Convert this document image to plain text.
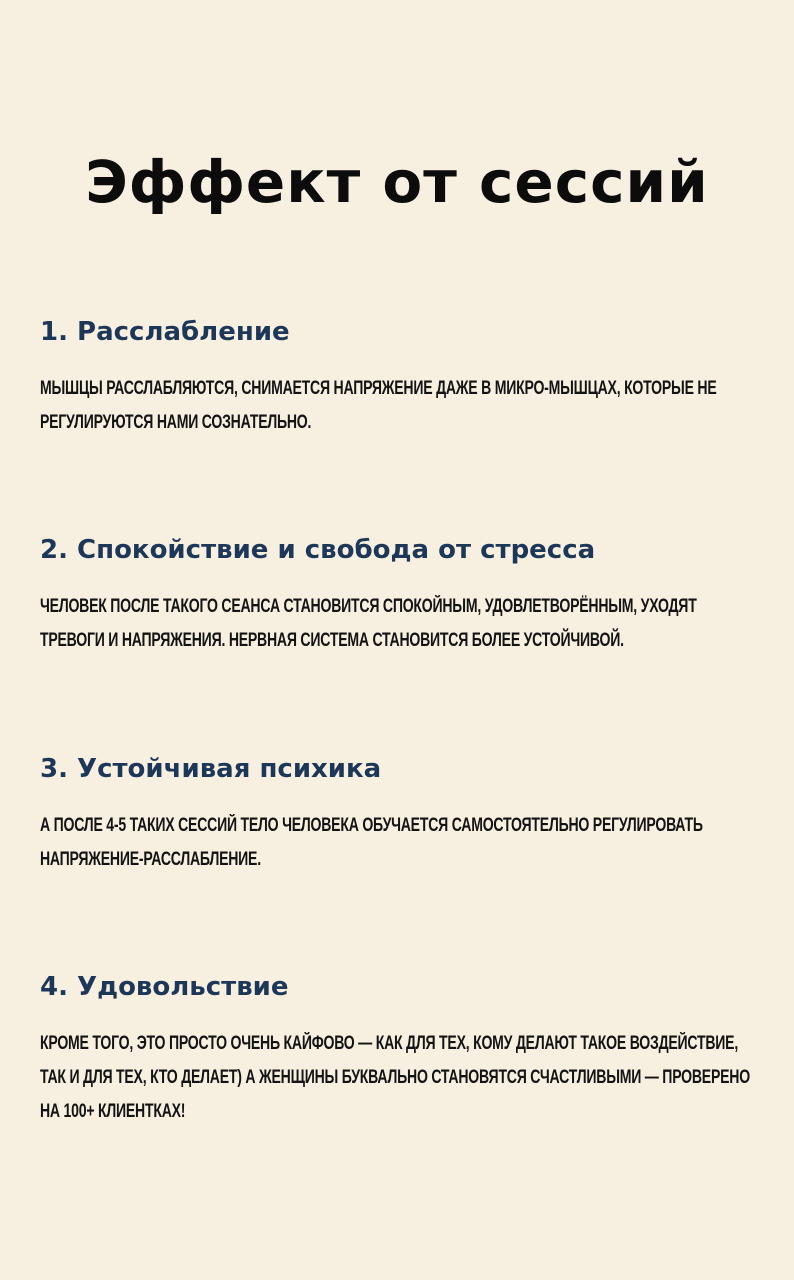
Эффект от сессий
1. Расслабление
МЫШЦЫ РАССЛАБЛЯЮТСЯ, СНИМАЕТСЯ НАПРЯЖЕНИЕ ДАЖЕ В МИКРО-МЫШЦАХ, КОТОРЫЕ НЕ РЕГУЛИРУЮТСЯ НАМИ СОЗНАТЕЛЬНО.
2. Спокойствие и свобода от стресса
ЧЕЛОВЕК ПОСЛЕ ТАКОГО СЕАНСА СТАНОВИТСЯ СПОКОЙНЫМ, УДОВЛЕТВОРЁННЫМ, УХОДЯТ ТРЕВОГИ И НАПРЯЖЕНИЯ. НЕРВНАЯ СИСТЕМА СТАНОВИТСЯ БОЛЕЕ УСТОЙЧИВОЙ.
3. Устойчивая психика
А ПОСЛЕ 4-5 ТАКИХ СЕССИЙ ТЕЛО ЧЕЛОВЕКА ОБУЧАЕТСЯ САМОСТОЯТЕЛЬНО РЕГУЛИРОВАТЬ НАПРЯЖЕНИЕ-РАССЛАБЛЕНИЕ.
4. Удовольствие
КРОМЕ ТОГО, ЭТО ПРОСТО ОЧЕНЬ КАЙФОВО — КАК ДЛЯ ТЕХ, КОМУ ДЕЛАЮТ ТАКОЕ ВОЗДЕЙСТВИЕ, ТАК И ДЛЯ ТЕХ, КТО ДЕЛАЕТ) А ЖЕНЩИНЫ БУКВАЛЬНО СТАНОВЯТСЯ СЧАСТЛИВЫМИ — ПРОВЕРЕНО НА 100+ КЛИЕНТКАХ!
